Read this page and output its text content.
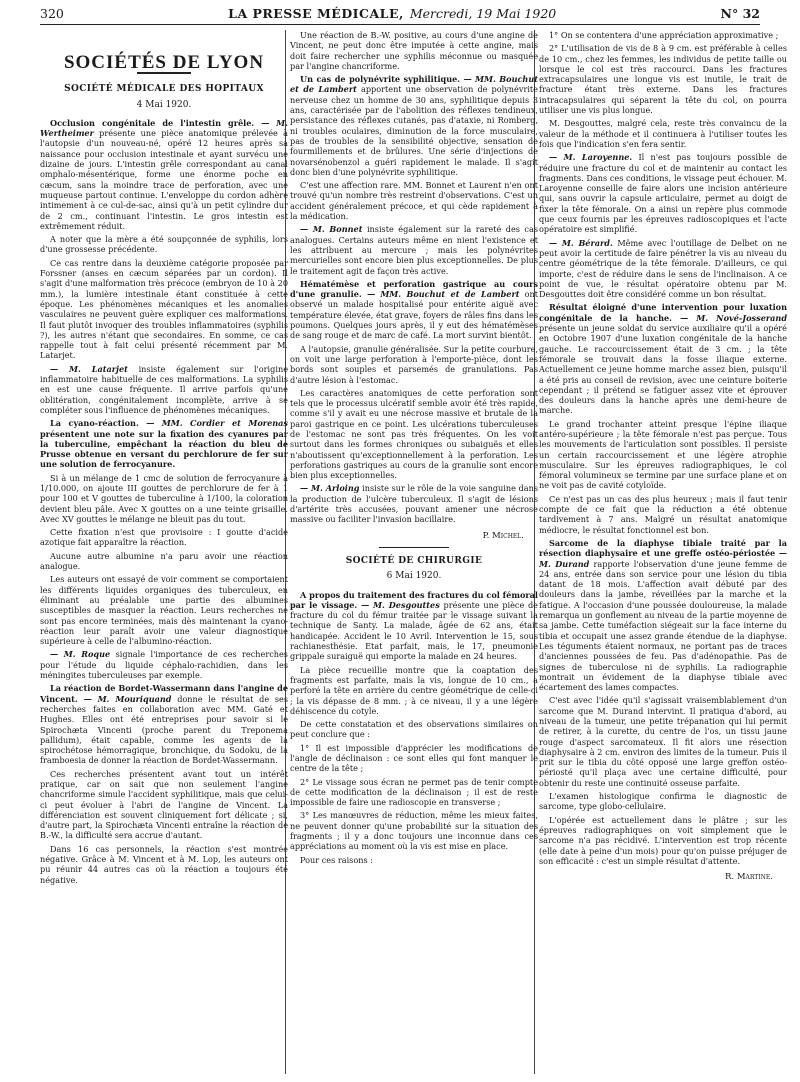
320	LA PRESSE MÉDICALE, Mercredi, 19 Mai 1920	N° 32
SOCIÉTÉS DE LYON
SOCIÉTÉ MÉDICALE DES HOPITAUX
4 Mai 1920.

Occlusion congénitale de l'intestin grêle. — M. Wertheimer présente une pièce anatomique prélevée à l'autopsie d'un nouveau-né, opéré 12 heures après sa naissance pour occlusion intestinale et ayant survécu une dizaine de jours. L'intestin grêle correspondant au canal omphalo-mésentérique, forme une énorme poche en cæcum, sans la moindre trace de perforation, avec une muqueuse partout continue. L'enveloppe du cordon adhère intimement à ce cul-de-sac, ainsi qu'à un petit cylindre dur de 2 cm., continuant l'intestin. Le gros intestin est extrêmement réduit.

A noter que la mère a été soupçonnée de syphilis, lors d'une grossesse précédente.

Ce cas rentre dans la deuxième catégorie proposée par Forssner (anses en cæcum séparées par un cordon). Il s'agit d'une malformation très précoce (embryon de 10 à 20 mm.), la lumière intestinale étant constituée à cette époque. Les phénomènes mécaniques et les anomalies vasculaires ne peuvent guère expliquer ces malformations. Il faut plutôt invoquer des troubles inflammatoires (syphilis ?), les autres n'étant que secondaires. En somme, ce cas rappelle tout à fait celui présenté récemment par M. Latarjet.

— M. Latarjet insiste également sur l'origine inflammatoire habituelle de ces malformations. La syphilis en est une cause fréquente. Il arrive parfois qu'une oblitération, congénitalement incomplète, arrive à se compléter sous l'influence de phénomènes mécaniques.

La cyano-réaction. — MM. Cordier et Morenas présentent une note sur la fixation des cyanures par la tuberculine, empêchant la réaction du bleu de Prusse obtenue en versant du perchlorure de fer sur une solution de ferrocyanure.

Si à un mélange de 1 cmc de solution de ferrocyanure à 1/10.000, on ajoute III gouttes de perchlorure de fer à 1 pour 100 et V gouttes de tuberculine à 1/100, la coloration devient bleu pâle. Avec X gouttes on a une teinte grisaille. Avec XV gouttes le mélange ne bleuit pas du tout.

Cette fixation n'est que provisoire : I goutte d'acide azotique fait apparaître la réaction.

Aucune autre albumine n'a paru avoir une réaction analogue.

Les auteurs ont essayé de voir comment se comportaient les différents liquides organiques des tuberculeux, en éliminant au préalable une partie des albumines susceptibles de masquer la réaction. Leurs recherches ne sont pas encore terminées, mais dès maintenant la cyano-réaction leur paraît avoir une valeur diagnostique supérieure à celle de l'albumino-réaction.

— M. Roque signale l'importance de ces recherches pour l'étude du liquide céphalo-rachidien, dans les méningites tuberculeuses par exemple.

La réaction de Bordet-Wassermann dans l'angine de Vincent. — M. Mouriquand donne le résultat de ses recherches faites en collaboration avec MM. Gaté et Hughes. Elles ont été entreprises pour savoir si le Spirochæta Vincenti (proche parent du Treponema pallidum), était capable, comme les agents de la spirochétose hémorragique, bronchique, du Sodoku, de la framboesia de donner la réaction de Bordet-Wassermann.

Ces recherches présentent avant tout un intérêt pratique, car on sait que non seulement l'angine chancriforme simule l'accident syphilitique, mais que celui-ci peut évoluer à l'abri de l'angine de Vincent. La différenciation est souvent cliniquement fort délicate ; si, d'autre part, la Spirochæta Vincenti entraîne la réaction de B.-W., la difficulté sera accrue d'autant.

Dans 16 cas personnels, la réaction s'est montrée négative. Grâce à M. Vincent et à M. Lop, les auteurs ont pu réunir 44 autres cas où la réaction a toujours été négative.

Une réaction de B.-W. positive, au cours d'une angine de Vincent, ne peut donc être imputée à cette angine, mais doit faire rechercher une syphilis méconnue ou masquée par l'angine chancriforme.

Un cas de polynévrite syphilitique. — MM. Bouchut et de Lambert apportent une observation de polynévrite nerveuse chez un homme de 30 ans, syphilitique depuis 3 ans, caractérisée par de l'abolition des réflexes tendineux, persistance des réflexes cutanés, pas d'ataxie, ni Romberg, ni troubles oculaires, diminution de la force musculaire, pas de troubles de la sensibilité objective, sensation de fourmillements et de brûlures. Une série d'injections de novarsénobenzol a guéri rapidement le malade. Il s'agit donc bien d'une polynévrite syphilitique.

C'est une affection rare. MM. Bonnet et Laurent n'en ont trouvé qu'un nombre très restreint d'observations. C'est un accident généralement précoce, et qui cède rapidement à la médication.

— M. Bonnet insiste également sur la rareté des cas analogues. Certains auteurs même en nient l'existence et les attribuent au mercure ; mais les polynévrites mercurielles sont encore bien plus exceptionnelles. De plus le traitement agit de façon très active.

Hématémèse et perforation gastrique au cours d'une granulie. — MM. Bouchut et de Lambert ont observé un malade hospitalisé pour entérite aiguë avec température élevée, état grave, foyers de râles fins dans les poumons. Quelques jours après, il y eut des hématémèses de sang rouge et de marc de café. La mort survint bientôt.

A l'autopsie, granulie généralisée. Sur la petite courbure, on voit une large perforation à l'emporte-pièce, dont les bords sont souples et parsemés de granulations. Pas d'autre lésion à l'estomac.

Les caractères anatomiques de cette perforation sont tels que le processus ulcératif semble avoir été très rapide, comme s'il y avait eu une nécrose massive et brutale de la paroi gastrique en ce point. Les ulcérations tuberculeuses de l'estomac ne sont pas très fréquentes. On les voit surtout dans les formes chroniques ou subaiguës et elles n'aboutissent qu'exceptionnellement à la perforation. Les perforations gastriques au cours de la granulie sont encore bien plus exceptionnelles.

— M. Arloing insiste sur le rôle de la voie sanguine dans la production de l'ulcère tuberculeux. Il s'agit de lésions d'artérite très accusées, pouvant amener une nécrose massive ou faciliter l'invasion bacillaire.

P. Michel.
SOCIÉTÉ DE CHIRURGIE
6 Mai 1920.

A propos du traitement des fractures du col fémoral par le vissage. — M. Desgouttes présente une pièce de fracture du col du fémur traitée par le vissage suivant la technique de Santy. La malade, âgée de 62 ans, était handicapée. Accident le 10 Avril. Intervention le 15, sous rachianesthésie. Etat parfait, mais, le 17, pneumonie grippale suraiguë qui emporte la malade en 24 heures.

La pièce recueillie montre que la coaptation des fragments est parfaite, mais la vis, longue de 10 cm., a perforé la tête en arrière du centre géométrique de celle-ci ; la vis dépasse de 8 mm. ; à ce niveau, il y a une légère déhiscence du cotyle.

De cette constatation et des observations similaires on peut conclure que :

1° Il est impossible d'apprécier les modifications de l'angle de déclinaison : ce sont elles qui font manquer le centre de la tête ;

2° Le vissage sous écran ne permet pas de tenir compte de cette modification de la déclinaison ; il est de reste impossible de faire une radioscopie en transverse ;

3° Les manœuvres de réduction, même les mieux faites, ne peuvent donner qu'une probabilité sur la situation des fragments ; il y a donc toujours une inconnue dans ces appréciations au moment où la vis est mise en place.

Pour ces raisons :

1° On se contentera d'une appréciation approximative ;

2° L'utilisation de vis de 8 à 9 cm. est préférable à celles de 10 cm., chez les femmes, les individus de petite taille ou lorsque le col est très raccourci. Dans les fractures extracapsulaires une longue vis est inutile, le trait de fracture étant très externe. Dans les fractures intracapsulaires qui séparent la tête du col, on pourra utiliser une vis plus longue.

M. Desgouttes, malgré cela, reste très convaincu de la valeur de la méthode et il continuera à l'utiliser toutes les fois que l'indication s'en fera sentir.

— M. Laroyenne. Il n'est pas toujours possible de réduire une fracture du col et de maintenir au contact les fragments. Dans ces conditions, le vissage peut échouer. M. Laroyenne conseille de faire alors une incision antérieure qui, sans ouvrir la capsule articulaire, permet au doigt de fixer la tête fémorale. On a ainsi un repère plus commode que ceux fournis par les épreuves radioscopiques et l'acte opératoire est simplifié.

— M. Bérard. Même avec l'outillage de Delbet on ne peut avoir la certitude de faire pénétrer la vis au niveau du centre géométrique de la tête fémorale. D'ailleurs, ce qui importe, c'est de réduire dans le sens de l'inclinaison. A ce point de vue, le résultat opératoire obtenu par M. Desgouttes doit être considéré comme un bon résultat.

Résultat éloigné d'une intervention pour luxation congénitale de la hanche. — M. Nové-Josserand présente un jeune soldat du service auxiliaire qu'il a opéré en Octobre 1907 d'une luxation congénitale de la hanche gauche. Le raccourcissement était de 3 cm. ; la tête fémorale se trouvait dans la fosse iliaque externe. Actuellement ce jeune homme marche assez bien, puisqu'il a été pris au conseil de revision, avec une ceinture boiterie cependant ; il prétend se fatiguer assez vite et éprouver des douleurs dans la hanche après une demi-heure de marche.

Le grand trochanter atteint presque l'épine iliaque antéro-supérieure ; la tête fémorale n'est pas perçue. Tous les mouvements de l'articulation sont possibles. Il persiste un certain raccourcissement et une légère atrophie musculaire. Sur les épreuves radiographiques, le col fémoral volumineux se termine par une surface plane et on ne voit pas de cavité cotyloïde.

Ce n'est pas un cas des plus heureux ; mais il faut tenir compte de ce fait que la réduction a été obtenue tardivement à 7 ans. Malgré un résultat anatomique médiocre, le résultat fonctionnel est bon.

Sarcome de la diaphyse tibiale traité par la résection diaphysaire et une greffe ostéo-périostée — M. Durand rapporte l'observation d'une jeune femme de 24 ans, entrée dans son service pour une lésion du tibia datant de 18 mois. L'affection avait débuté par des douleurs dans la jambe, réveillées par la marche et la fatigue. A l'occasion d'une poussée douloureuse, la malade remarqua un gonflement au niveau de la partie moyenne de sa jambe. Cette tuméfaction siégeait sur la face interne du tibia et occupait une assez grande étendue de la diaphyse. Les téguments étaient normaux, ne portant pas de traces d'anciennes poussées de feu. Pas d'adénopathie. Pas de signes de tuberculose ni de syphilis. La radiographie montrait un évidement de la diaphyse tibiale avec écartement des lames compactes.

C'est avec l'idée qu'il s'agissait vraisemblablement d'un sarcome que M. Durand intervint. Il pratiqua d'abord, au niveau de la tumeur, une petite trépanation qui lui permit de retirer, à la curette, du centre de l'os, un tissu jaune rouge d'aspect sarcomateux. Il fit alors une résection diaphysaire à 2 cm. environ des limites de la tumeur. Puis il prit sur le tibia du côté opposé une large greffon ostéo-périosté qu'il plaça avec une certaine difficulté, pour obtenir du reste une continuité osseuse parfaite.

L'examen histologique confirma le diagnostic de sarcome, type globo-cellulaire.

L'opérée est actuellement dans le plâtre ; sur les épreuves radiographiques on voit simplement que le sarcome n'a pas récidivé. L'intervention est trop récente (elle date à peine d'un mois) pour qu'on puisse préjuger de son efficacité : c'est un simple résultat d'attente.

R. Martine.
